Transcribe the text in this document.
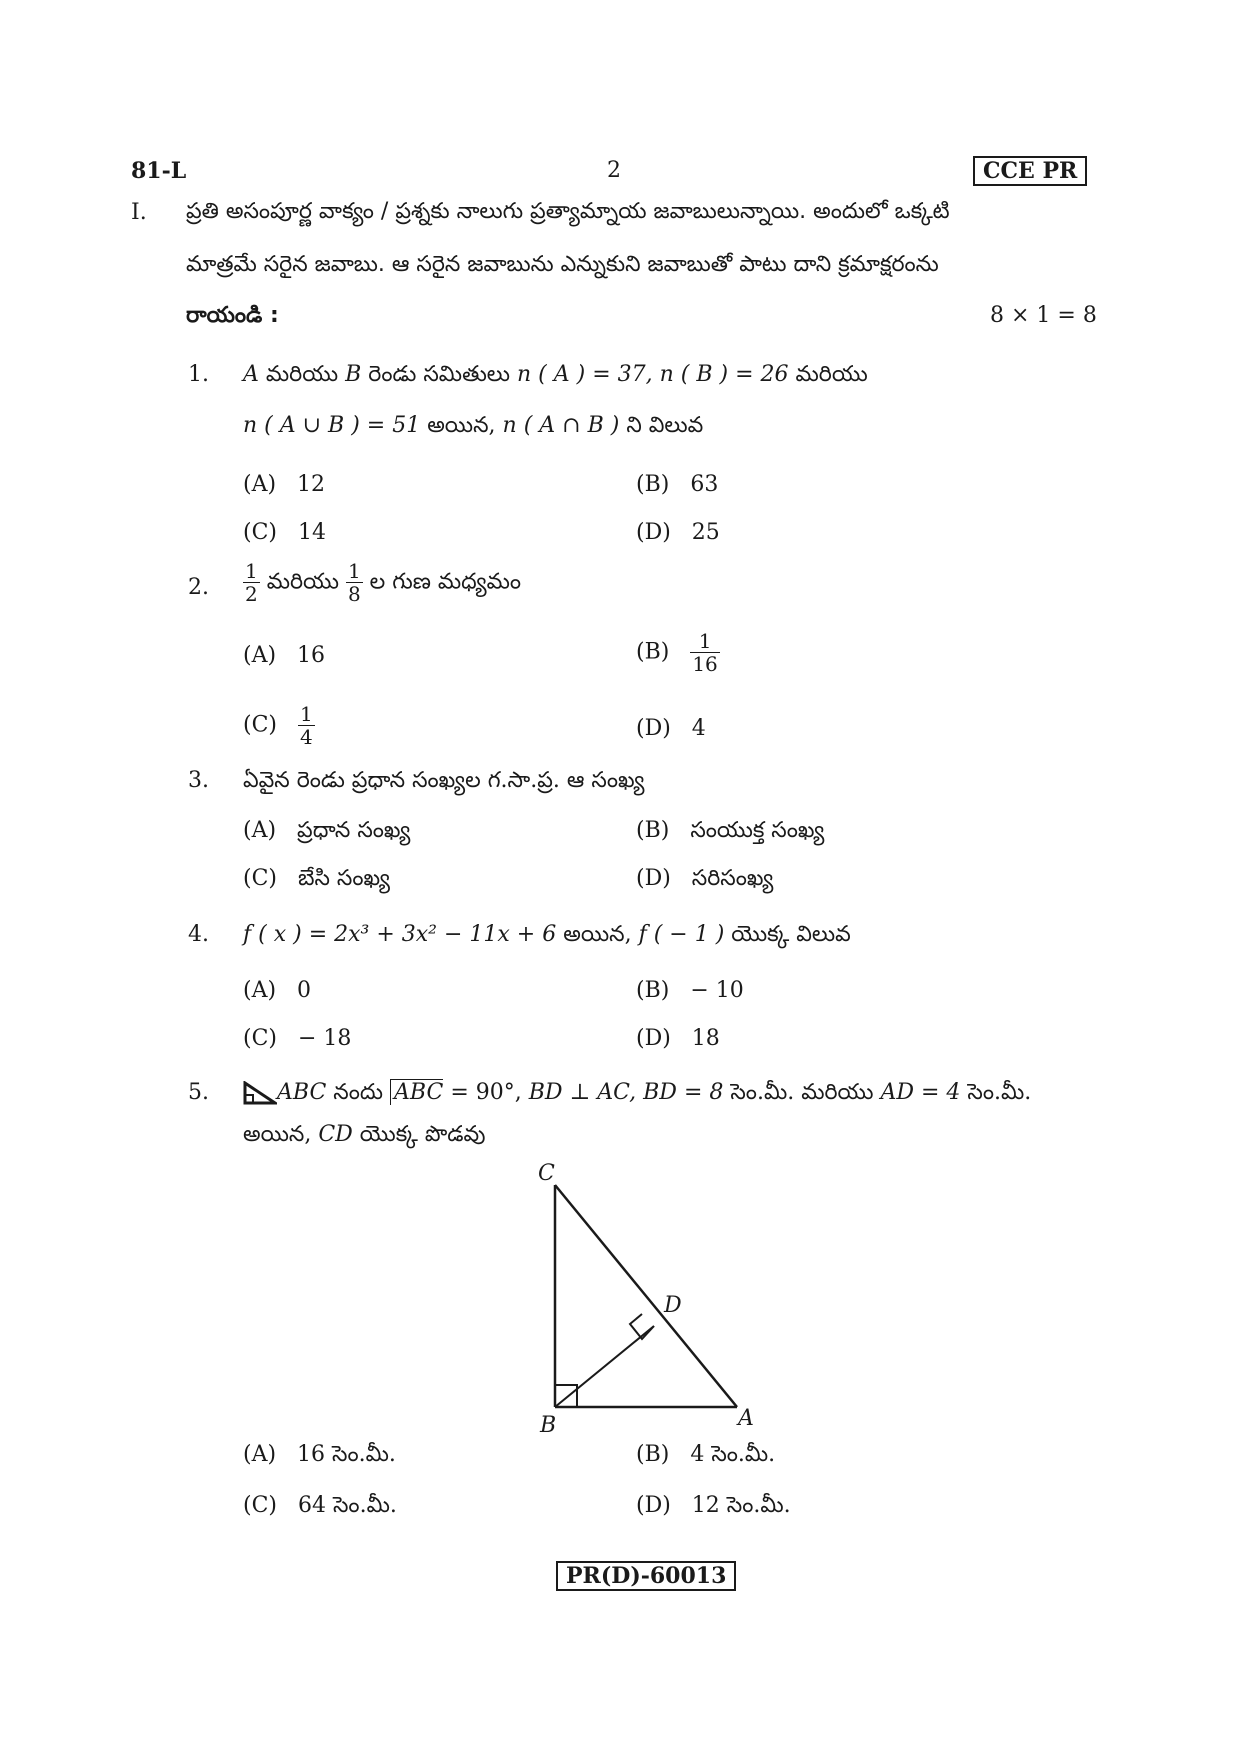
81-L	2	CCE PR
I. ప్రతి అసంపూర్ణ వాక్యం / ప్రశ్నకు నాలుగు ప్రత్యామ్నాయ జవాబులున్నాయి. అందులో ఒక్కటి
మాత్రమే సరైన జవాబు. ఆ సరైన జవాబును ఎన్నుకుని జవాబుతో పాటు దాని క్రమాక్షరంను
రాయండి :	8 × 1 = 8
1. A మరియు B రెండు సమితులు n ( A ) = 37, n ( B ) = 26 మరియు
n ( A ∪ B ) = 51 అయిన, n ( A ∩ B ) ని విలువ
(A) 12	(B) 63
(C) 14	(D) 25
2. $\frac{1}{2}$ మరియు $\frac{1}{8}$ ల గుణ మధ్యమం
(A) 16	$(B) \frac{1}{16}$
$(C) \frac{1}{4}$	(D) 4
3. ఏవైన రెండు ప్రధాన సంఖ్యల గ.సా.ప్ర. ఆ సంఖ్య
(A) ప్రధాన సంఖ్య	(B) సంయుక్త సంఖ్య
(C) బేసి సంఖ్య	(D) సరిసంఖ్య
4. f ( x ) = 2x³ + 3x² − 11x + 6 అయిన, f ( − 1 ) యొక్క విలువ
(A) 0	(B) − 10
(C) − 18	(D) 18
5.	ABC నందు ABC = 90°, BD ⊥ AC, BD = 8 సెం.మీ. మరియు AD = 4 సెం.మీ.
అయిన, CD యొక్క పొడవు
C
D
B	A
(A) 16 సెం.మీ.	(B) 4 సెం.మీ.
(C) 64 సెం.మీ.	(D) 12 సెం.మీ.
PR(D)-60013
